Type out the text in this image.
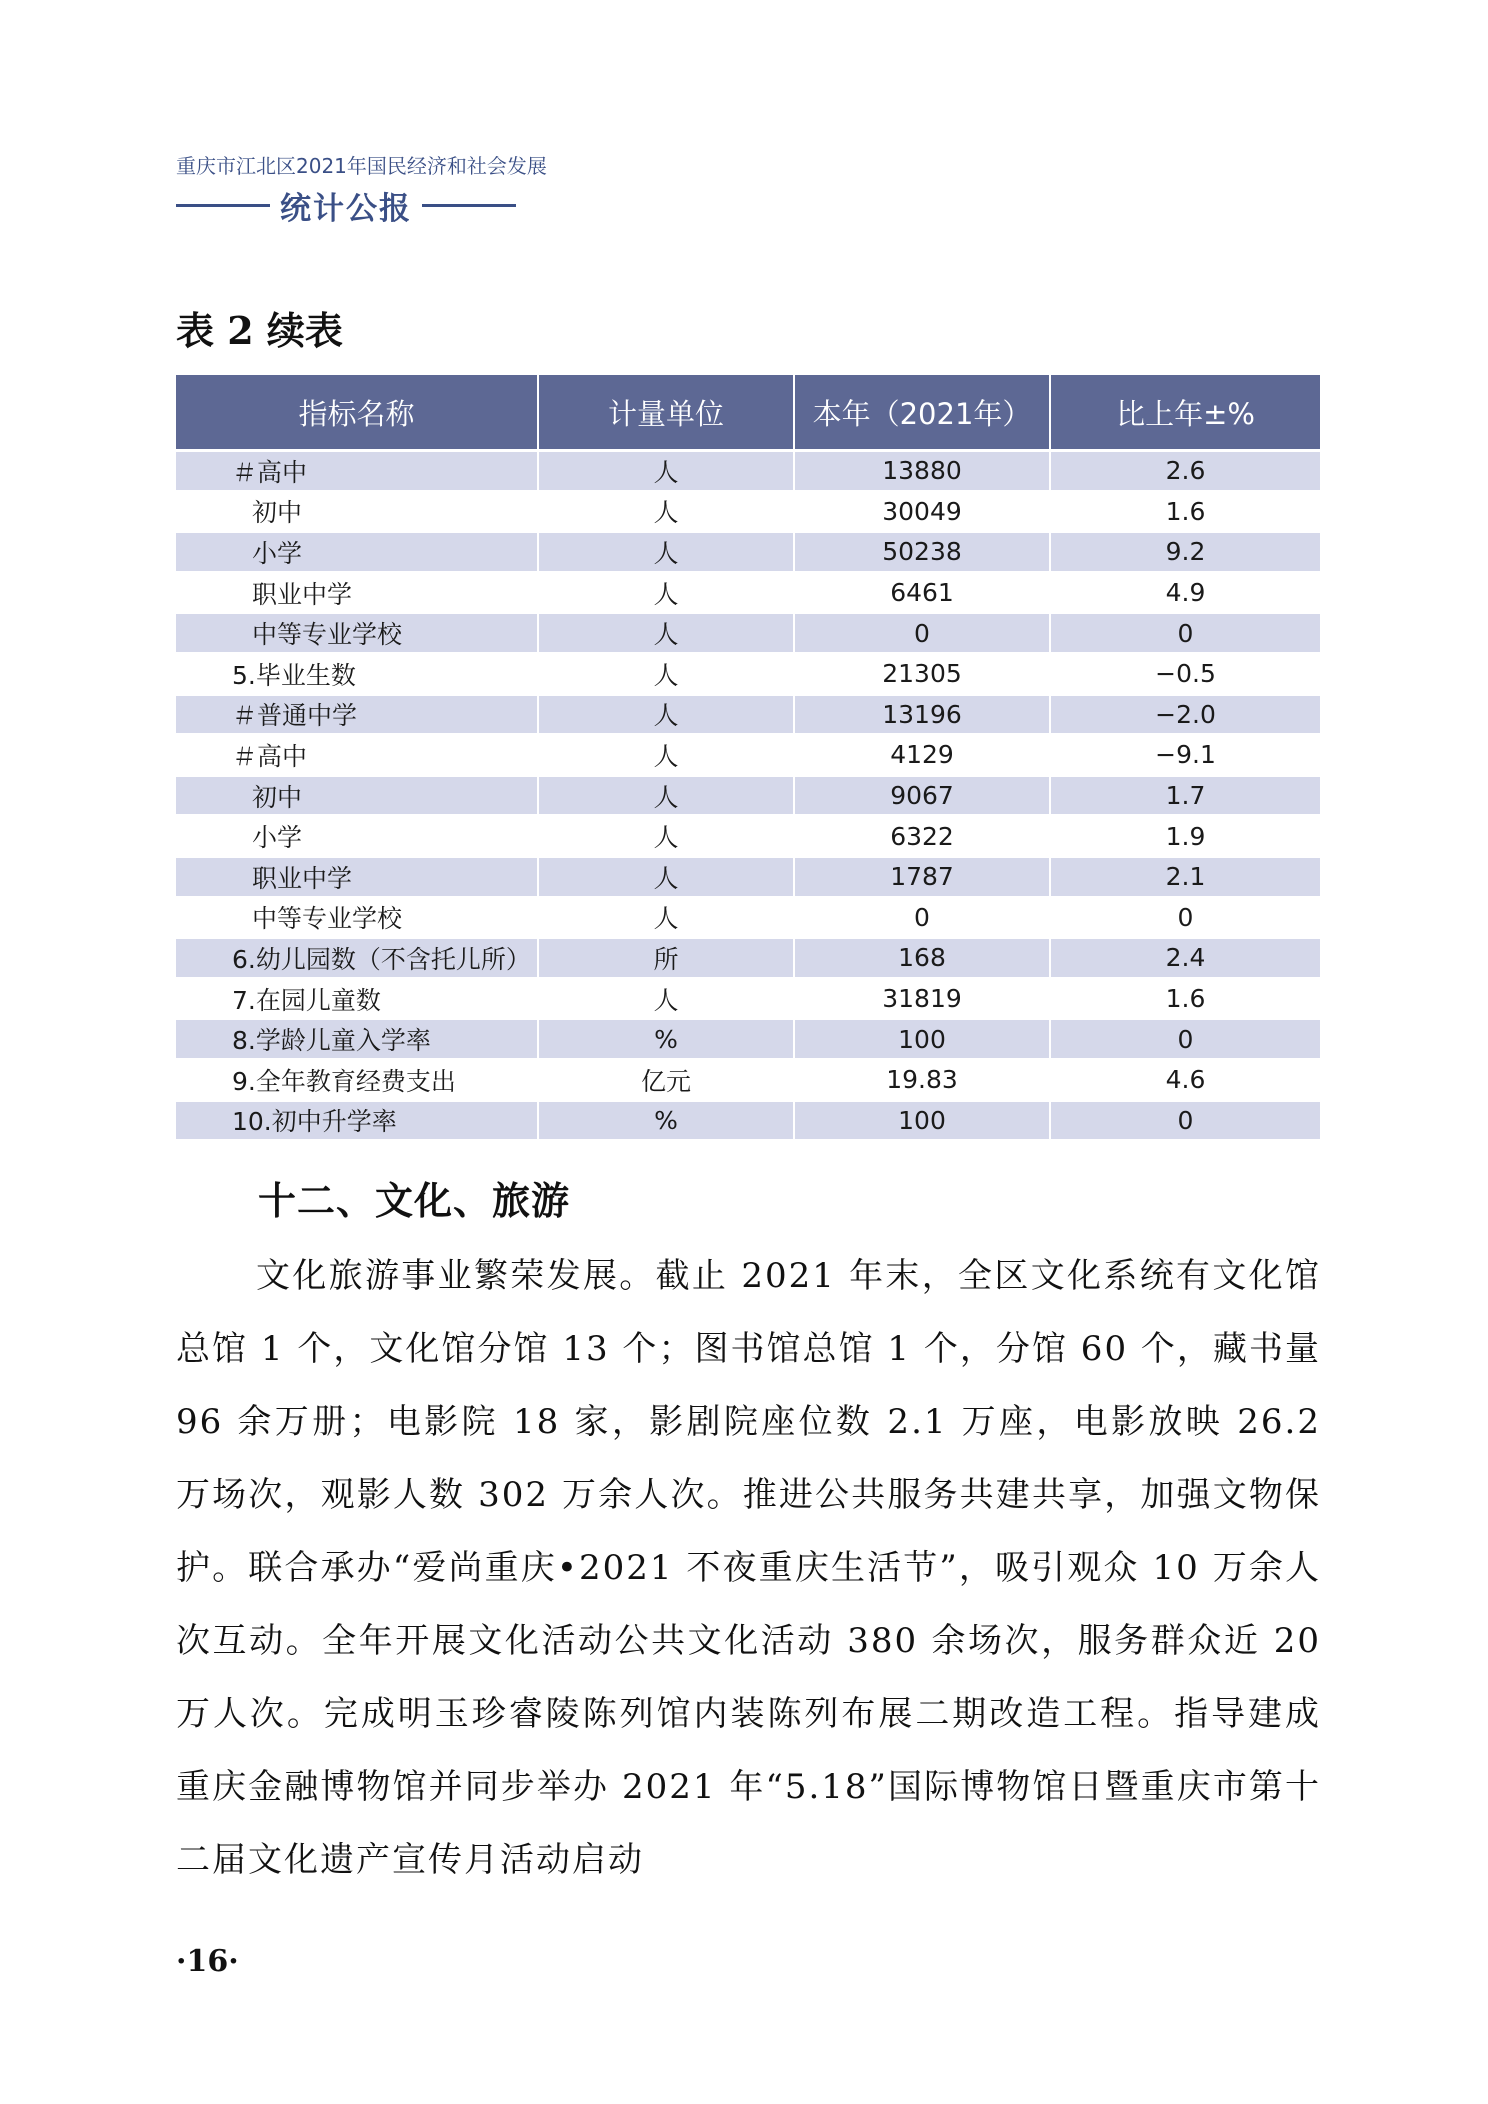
重庆市江北区2021年国民经济和社会发展
统计公报
表 2 续表
指标名称	计量单位	本年（2021年）	比上年±%
＃高中	人	13880	2.6
初中	人	30049	1.6
小学	人	50238	9.2
职业中学	人	6461	4.9
中等专业学校	人	0	0
5.毕业生数	人	21305	−0.5
＃普通中学	人	13196	−2.0
＃高中	人	4129	−9.1
初中	人	9067	1.7
小学	人	6322	1.9
职业中学	人	1787	2.1
中等专业学校	人	0	0
6.幼儿园数（不含托儿所）	所	168	2.4
7.在园儿童数	人	31819	1.6
8.学龄儿童入学率	%	100	0
9.全年教育经费支出	亿元	19.83	4.6
10.初中升学率	%	100	0
十二、文化、旅游
文化旅游事业繁荣发展。截止 2021 年末，全区文化系统有文化馆总馆 1 个，文化馆分馆 13 个；图书馆总馆 1 个，分馆 60 个，藏书量 96 余万册；电影院 18 家，影剧院座位数 2.1 万座，电影放映 26.2 万场次，观影人数 302 万余人次。推进公共服务共建共享，加强文物保护。联合承办“爱尚重庆•2021 不夜重庆生活节”，吸引观众 10 万余人次互动。全年开展文化活动公共文化活动 380 余场次，服务群众近 20 万人次。完成明玉珍睿陵陈列馆内装陈列布展二期改造工程。指导建成重庆金融博物馆并同步举办 2021 年“5.18”国际博物馆日暨重庆市第十二届文化遗产宣传月活动启动
·16·
